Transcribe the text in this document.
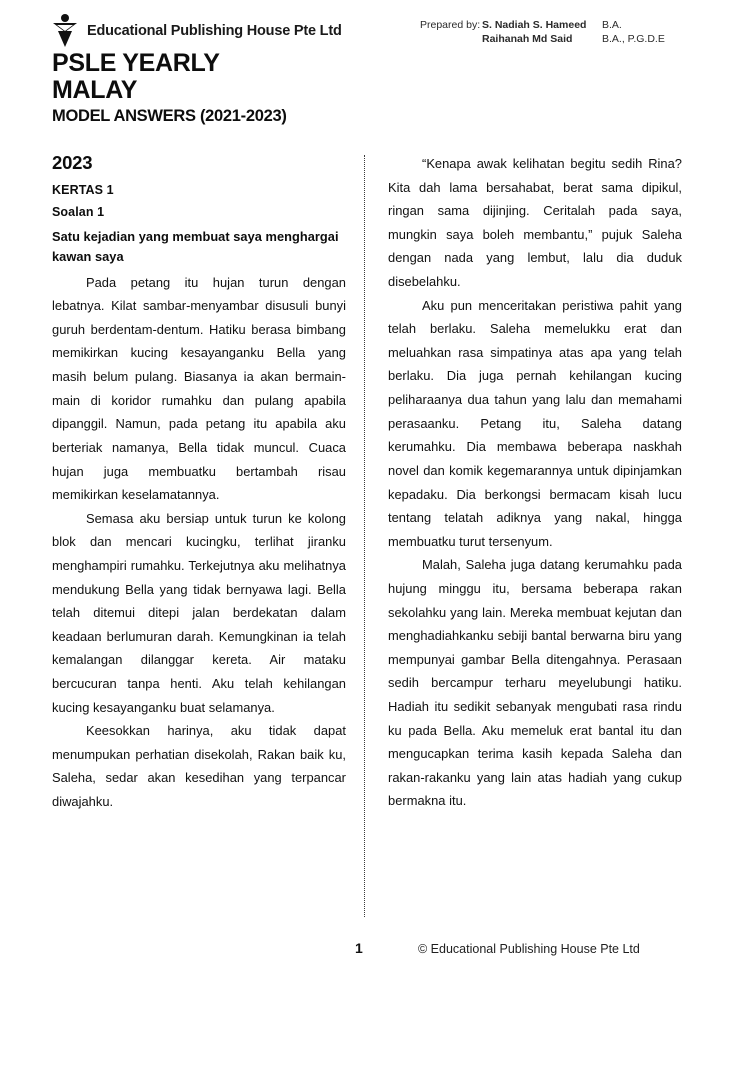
Educational Publishing House Pte Ltd	Prepared by: S. Nadiah S. Hameed	B.A.
Raihanah Md Said	B.A., P.G.D.E
PSLE YEARLY
MALAY
MODEL ANSWERS (2021-2023)
2023
KERTAS 1
Soalan 1
Satu kejadian yang membuat saya menghargai kawan saya

Pada petang itu hujan turun dengan lebatnya. Kilat sambar-menyambar disusuli bunyi guruh berdentam-dentum. Hatiku berasa bimbang memikirkan kucing kesayanganku Bella yang masih belum pulang. Biasanya ia akan bermain-main di koridor rumahku dan pulang apabila dipanggil. Namun, pada petang itu apabila aku berteriak namanya, Bella tidak muncul. Cuaca hujan juga membuatku bertambah risau memikirkan keselamatannya.

Semasa aku bersiap untuk turun ke kolong blok dan mencari kucingku, terlihat jiranku menghampiri rumahku. Terkejutnya aku melihatnya mendukung Bella yang tidak bernyawa lagi. Bella telah ditemui ditepi jalan berdekatan dalam keadaan berlumuran darah. Kemungkinan ia telah kemalangan dilanggar kereta. Air mataku bercucuran tanpa henti. Aku telah kehilangan kucing kesayanganku buat selamanya.

Keesokkan harinya, aku tidak dapat menumpukan perhatian disekolah, Rakan baik ku, Saleha, sedar akan kesedihan yang terpancar diwajahku.

“Kenapa awak kelihatan begitu sedih Rina? Kita dah lama bersahabat, berat sama dipikul, ringan sama dijinjing. Ceritalah pada saya, mungkin saya boleh membantu,” pujuk Saleha dengan nada yang lembut, lalu dia duduk disebelahku.

Aku pun menceritakan peristiwa pahit yang telah berlaku. Saleha memelukku erat dan meluahkan rasa simpatinya atas apa yang telah berlaku. Dia juga pernah kehilangan kucing peliharaanya dua tahun yang lalu dan memahami perasaanku. Petang itu, Saleha datang kerumahku. Dia membawa beberapa naskhah novel dan komik kegemarannya untuk dipinjamkan kepadaku. Dia berkongsi bermacam kisah lucu tentang telatah adiknya yang nakal, hingga membuatku turut tersenyum.

Malah, Saleha juga datang kerumahku pada hujung minggu itu, bersama beberapa rakan sekolahku yang lain. Mereka membuat kejutan dan menghadiahkanku sebiji bantal berwarna biru yang mempunyai gambar Bella ditengahnya. Perasaan sedih bercampur terharu meyelubungi hatiku. Hadiah itu sedikit sebanyak mengubati rasa rindu ku pada Bella. Aku memeluk erat bantal itu dan mengucapkan terima kasih kepada Saleha dan rakan-rakanku yang lain atas hadiah yang cukup bermakna itu.

1	© Educational Publishing House Pte Ltd
